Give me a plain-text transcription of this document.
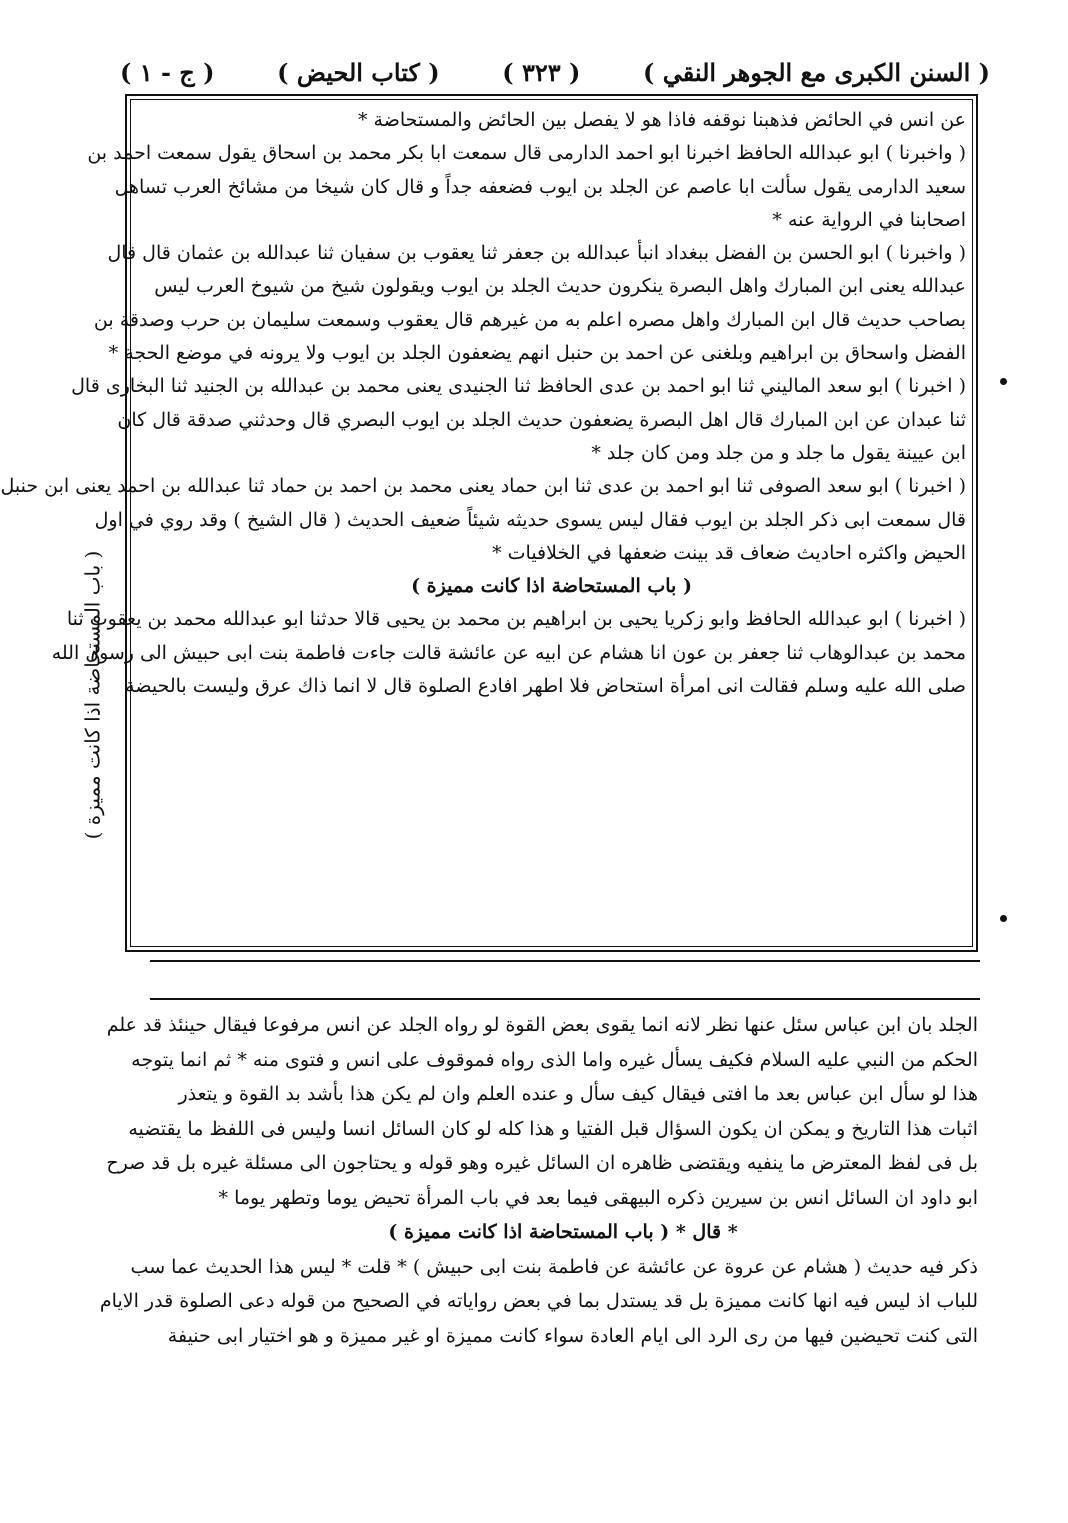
( السنن الكبرى مع الجوهر النقي )
( ٣٢٣ )
( كتاب الحيض )
( ج - ١ )
( باب المستحاضة اذا كانت مميزة )
عن انس في الحائض فذهبنا نوقفه فاذا هو لا يفصل بين الحائض والمستحاضة *
( واخبرنا ) ابو عبدالله الحافظ اخبرنا ابو احمد الدارمى قال سمعت ابا بكر محمد بن اسحاق يقول سمعت احمد بن
سعيد الدارمى يقول سألت ابا عاصم عن الجلد بن ايوب فضعفه جداً و قال كان شيخا من مشائخ العرب تساهل
اصحابنا في الرواية عنه *
( واخبرنا ) ابو الحسن بن الفضل ببغداد انبأ عبدالله بن جعفر ثنا يعقوب بن سفيان ثنا عبدالله بن عثمان قال قال
عبدالله يعنى ابن المبارك واهل البصرة ينكرون حديث الجلد بن ايوب ويقولون شيخ من شيوخ العرب ليس
بصاحب حديث قال ابن المبارك واهل مصره اعلم به من غيرهم قال يعقوب وسمعت سليمان بن حرب وصدقة بن
الفضل واسحاق بن ابراهيم وبلغنى عن احمد بن حنبل انهم يضعفون الجلد بن ايوب ولا يرونه في موضع الحجة *
( اخبرنا ) ابو سعد الماليني ثنا ابو احمد بن عدى الحافظ ثنا الجنيدى يعنى محمد بن عبدالله بن الجنيد ثنا البخارى قال
ثنا عبدان عن ابن المبارك قال اهل البصرة يضعفون حديث الجلد بن ايوب البصري قال وحدثني صدقة قال كان
ابن عيينة يقول ما جلد و من جلد ومن كان جلد *
( اخبرنا ) ابو سعد الصوفى ثنا ابو احمد بن عدى ثنا ابن حماد يعنى محمد بن احمد بن حماد ثنا عبدالله بن احمد يعنى ابن حنبل
قال سمعت ابى ذكر الجلد بن ايوب فقال ليس يسوى حديثه شيئاً ضعيف الحديث ( قال الشيخ ) وقد روي في اول
الحيض واكثره احاديث ضعاف قد بينت ضعفها في الخلافيات *
( باب المستحاضة اذا كانت مميزة )
( اخبرنا ) ابو عبدالله الحافظ وابو زكريا يحيى بن ابراهيم بن محمد بن يحيى قالا حدثنا ابو عبدالله محمد بن يعقوب ثنا
محمد بن عبدالوهاب ثنا جعفر بن عون انا هشام عن ابيه عن عائشة قالت جاءت فاطمة بنت ابى حبيش الى رسول الله
صلى الله عليه وسلم فقالت انى امرأة استحاض فلا اطهر افادع الصلوة قال لا انما ذاك عرق وليست بالحيضة
الجلد بان ابن عباس سئل عنها نظر لانه انما يقوى بعض القوة لو رواه الجلد عن انس مرفوعا فيقال حينئذ قد علم
الحكم من النبي عليه السلام فكيف يسأل غيره واما الذى رواه فموقوف على انس و فتوى منه * ثم انما يتوجه
هذا لو سأل ابن عباس بعد ما افتى فيقال كيف سأل و عنده العلم وان لم يكن هذا بأشد بد القوة و يتعذر
اثبات هذا التاريخ و يمكن ان يكون السؤال قبل الفتيا و هذا كله لو كان السائل انسا وليس فى اللفظ ما يقتضيه
بل فى لفظ المعترض ما ينفيه ويقتضى ظاهره ان السائل غيره وهو قوله و يحتاجون الى مسئلة غيره بل قد صرح
ابو داود ان السائل انس بن سيرين ذكره البيهقى فيما بعد في باب المرأة تحيض يوما وتطهر يوما *
* قال * ( باب المستحاضة اذا كانت مميزة )
ذكر فيه حديث ( هشام عن عروة عن عائشة عن فاطمة بنت ابى حبيش ) * قلت * ليس هذا الحديث عما سب
للباب اذ ليس فيه انها كانت مميزة بل قد يستدل بما في بعض رواياته في الصحيح من قوله دعى الصلوة قدر الايام
التى كنت تحيضين فيها من رى الرد الى ايام العادة سواء كانت مميزة او غير مميزة و هو اختيار ابى حنيفة
